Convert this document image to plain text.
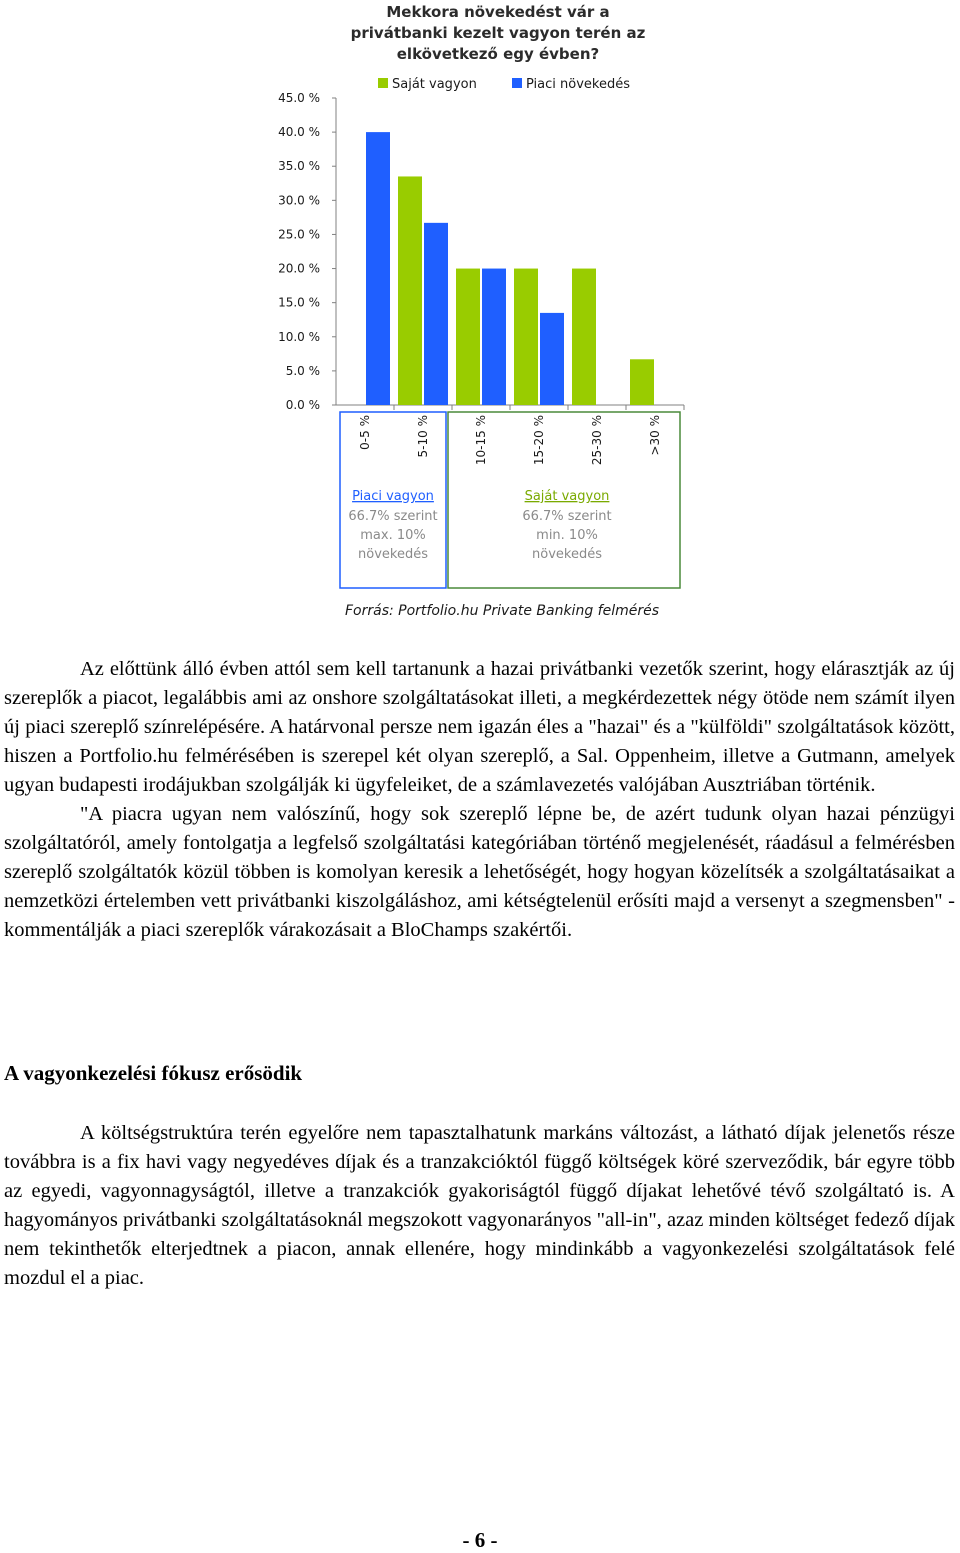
Mekkora növekedést vár a
privátbanki kezelt vagyon terén az
elkövetkező egy évben?
Saját vagyon	Piaci növekedés
0.0 %
5.0 %
10.0 %
15.0 %
20.0 %
25.0 %
30.0 %
35.0 %
40.0 %
45.0 %
0-5 %	5-10 %	10-15 %	15-20 %	25-30 %	>30 %
Piaci vagyon
66.7% szerint
max. 10%
növekedés
Saját vagyon
66.7% szerint
min. 10%
növekedés
Forrás: Portfolio.hu Private Banking felmérés

Az előttünk álló évben attól sem kell tartanunk a hazai privátbanki vezetők szerint, hogy elárasztják az új szereplők a piacot, legalábbis ami az onshore szolgáltatásokat illeti, a megkérdezettek négy ötöde nem számít ilyen új piaci szereplő színrelépésére. A határvonal persze nem igazán éles a "hazai" és a "külföldi" szolgáltatások között, hiszen a Portfolio.hu felmérésében is szerepel két olyan szereplő, a Sal. Oppenheim, illetve a Gutmann, amelyek ugyan budapesti irodájukban szolgálják ki ügyfeleiket, de a számlavezetés valójában Ausztriában történik.

"A piacra ugyan nem valószínű, hogy sok szereplő lépne be, de azért tudunk olyan hazai pénzügyi szolgáltatóról, amely fontolgatja a legfelső szolgáltatási kategóriában történő megjelenését, ráadásul a felmérésben szereplő szolgáltatók közül többen is komolyan keresik a lehetőségét, hogy hogyan közelítsék a szolgáltatásaikat a nemzetközi értelemben vett privátbanki kiszolgáláshoz, ami kétségtelenül erősíti majd a versenyt a szegmensben" - kommentálják a piaci szereplők várakozásait a BloChamps szakértői.

A vagyonkezelési fókusz erősödik

A költségstruktúra terén egyelőre nem tapasztalhatunk markáns változást, a látható díjak jelenetős része továbbra is a fix havi vagy negyedéves díjak és a tranzakcióktól függő költségek köré szerveződik, bár egyre több az egyedi, vagyonnagyságtól, illetve a tranzakciók gyakoriságtól függő díjakat lehetővé tévő szolgáltató is. A hagyományos privátbanki szolgáltatásoknál megszokott vagyonarányos "all-in", azaz minden költséget fedező díjak nem tekinthetők elterjedtnek a piacon, annak ellenére, hogy mindinkább a vagyonkezelési szolgáltatások felé mozdul el a piac.

- 6 -
